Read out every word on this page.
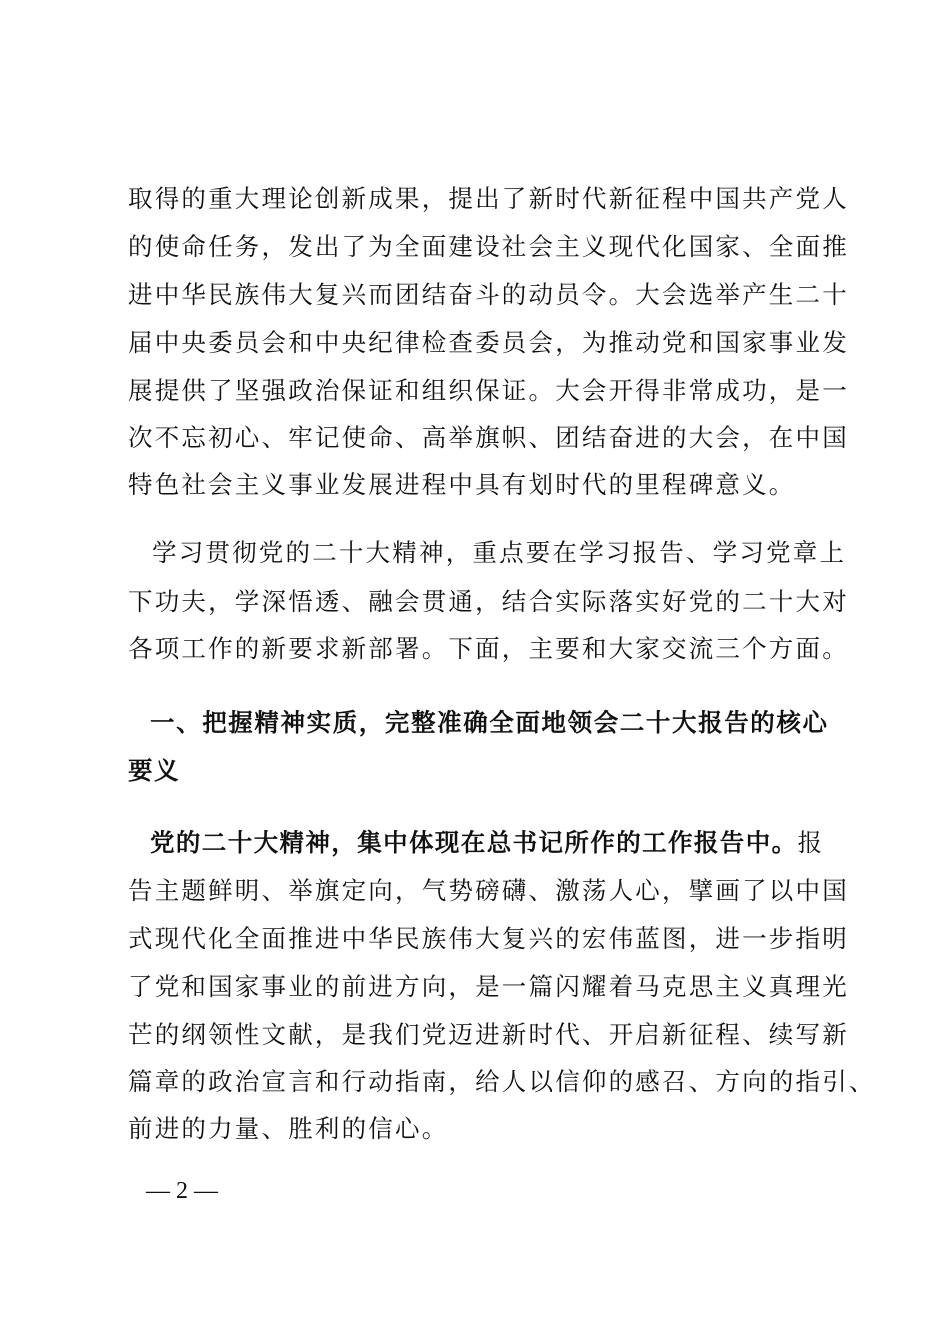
取得的重大理论创新成果，提出了新时代新征程中国共产党人
的使命任务，发出了为全面建设社会主义现代化国家、全面推
进中华民族伟大复兴而团结奋斗的动员令。大会选举产生二十
届中央委员会和中央纪律检查委员会，为推动党和国家事业发
展提供了坚强政治保证和组织保证。大会开得非常成功，是一
次不忘初心、牢记使命、高举旗帜、团结奋进的大会，在中国
特色社会主义事业发展进程中具有划时代的里程碑意义。
学习贯彻党的二十大精神，重点要在学习报告、学习党章上
下功夫，学深悟透、融会贯通，结合实际落实好党的二十大对
各项工作的新要求新部署。下面，主要和大家交流三个方面。
一、把握精神实质，完整准确全面地领会二十大报告的核心
要义
党的二十大精神，集中体现在总书记所作的工作报告中。报
告主题鲜明、举旗定向，气势磅礴、激荡人心，擘画了以中国
式现代化全面推进中华民族伟大复兴的宏伟蓝图，进一步指明
了党和国家事业的前进方向，是一篇闪耀着马克思主义真理光
芒的纲领性文献，是我们党迈进新时代、开启新征程、续写新
篇章的政治宣言和行动指南，给人以信仰的感召、方向的指引、
前进的力量、胜利的信心。
— 2 —
